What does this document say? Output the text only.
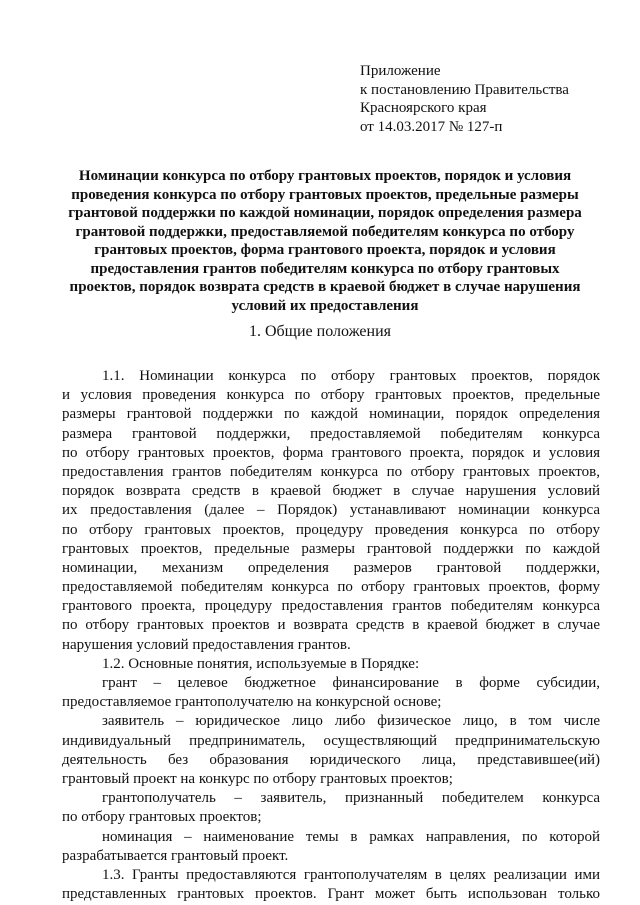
Приложение
к постановлению Правительства
Красноярского края
от 14.03.2017 № 127-п
Номинации конкурса по отбору грантовых проектов, порядок и условия
проведения конкурса по отбору грантовых проектов, предельные размеры
грантовой поддержки по каждой номинации, порядок определения размера
грантовой поддержки, предоставляемой победителям конкурса по отбору
грантовых проектов, форма грантового проекта, порядок и условия
предоставления грантов победителям конкурса по отбору грантовых
проектов, порядок возврата средств в краевой бюджет в случае нарушения
условий их предоставления
1. Общие положения
1.1. Номинации конкурса по отбору грантовых проектов, порядок
и условия проведения конкурса по отбору грантовых проектов, предельные
размеры грантовой поддержки по каждой номинации, порядок определения
размера грантовой поддержки, предоставляемой победителям конкурса
по отбору грантовых проектов, форма грантового проекта, порядок и условия
предоставления грантов победителям конкурса по отбору грантовых проектов,
порядок возврата средств в краевой бюджет в случае нарушения условий
их предоставления (далее – Порядок) устанавливают номинации конкурса
по отбору грантовых проектов, процедуру проведения конкурса по отбору
грантовых проектов, предельные размеры грантовой поддержки по каждой
номинации, механизм определения размеров грантовой поддержки,
предоставляемой победителям конкурса по отбору грантовых проектов, форму
грантового проекта, процедуру предоставления грантов победителям конкурса
по отбору грантовых проектов и возврата средств в краевой бюджет в случае
нарушения условий предоставления грантов.
1.2. Основные понятия, используемые в Порядке:
грант – целевое бюджетное финансирование в форме субсидии,
предоставляемое грантополучателю на конкурсной основе;
заявитель – юридическое лицо либо физическое лицо, в том числе
индивидуальный предприниматель, осуществляющий предпринимательскую
деятельность без образования юридического лица, представившее(ий)
грантовый проект на конкурс по отбору грантовых проектов;
грантополучатель – заявитель, признанный победителем конкурса
по отбору грантовых проектов;
номинация – наименование темы в рамках направления, по которой
разрабатывается грантовый проект.
1.3. Гранты предоставляются грантополучателям в целях реализации ими
представленных грантовых проектов. Грант может быть использован только
